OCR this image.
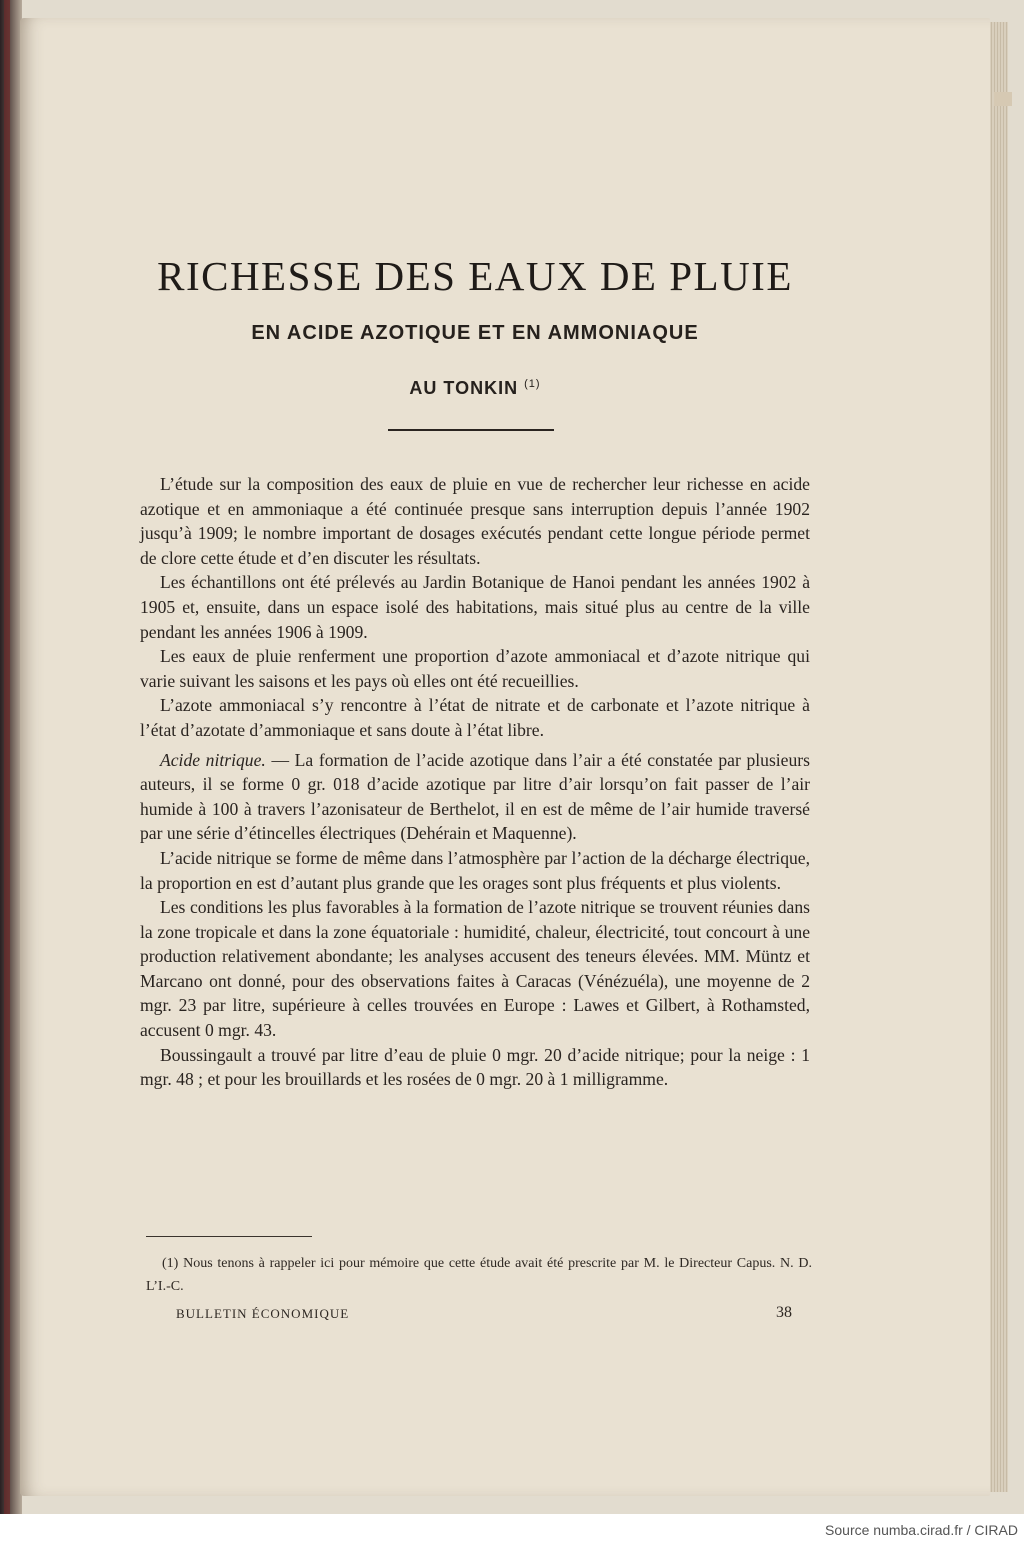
RICHESSE DES EAUX DE PLUIE
EN ACIDE AZOTIQUE ET EN AMMONIAQUE
AU TONKIN $^{(1)}$

L’étude sur la composition des eaux de pluie en vue de rechercher leur richesse en acide azotique et en ammoniaque a été continuée presque sans interruption depuis l’année 1902 jusqu’à 1909; le nombre important de dosages exécutés pendant cette longue période permet de clore cette étude et d’en discuter les résultats.

Les échantillons ont été prélevés au Jardin Botanique de Hanoi pendant les années 1902 à 1905 et, ensuite, dans un espace isolé des habitations, mais situé plus au centre de la ville pendant les années 1906 à 1909.

Les eaux de pluie renferment une proportion d’azote ammoniacal et d’azote nitrique qui varie suivant les saisons et les pays où elles ont été recueillies.

L’azote ammoniacal s’y rencontre à l’état de nitrate et de carbonate et l’azote nitrique à l’état d’azotate d’ammoniaque et sans doute à l’état libre.

Acide nitrique. — La formation de l’acide azotique dans l’air a été constatée par plusieurs auteurs, il se forme 0 gr. 018 d’acide azotique par litre d’air lorsqu’on fait passer de l’air humide à 100 à travers l’azonisateur de Berthelot, il en est de même de l’air humide traversé par une série d’étincelles électriques (Dehérain et Maquenne).

L’acide nitrique se forme de même dans l’atmosphère par l’action de la décharge électrique, la proportion en est d’autant plus grande que les orages sont plus fréquents et plus violents.

Les conditions les plus favorables à la formation de l’azote nitrique se trouvent réunies dans la zone tropicale et dans la zone équatoriale : humidité, chaleur, électricité, tout concourt à une production relativement abondante; les analyses accusent des teneurs élevées. MM. Müntz et Marcano ont donné, pour des observations faites à Caracas (Vénézuéla), une moyenne de 2 mgr. 23 par litre, supérieure à celles trouvées en Europe : Lawes et Gilbert, à Rothamsted, accusent 0 mgr. 43.

Boussingault a trouvé par litre d’eau de pluie 0 mgr. 20 d’acide nitrique; pour la neige : 1 mgr. 48 ; et pour les brouillards et les rosées de 0 mgr. 20 à 1 milligramme.

(1) Nous tenons à rappeler ici pour mémoire que cette étude avait été prescrite par M. le Directeur Capus. N. D. L’I.-C.
BULLETIN ÉCONOMIQUE	38
Source numba.cirad.fr / CIRAD
